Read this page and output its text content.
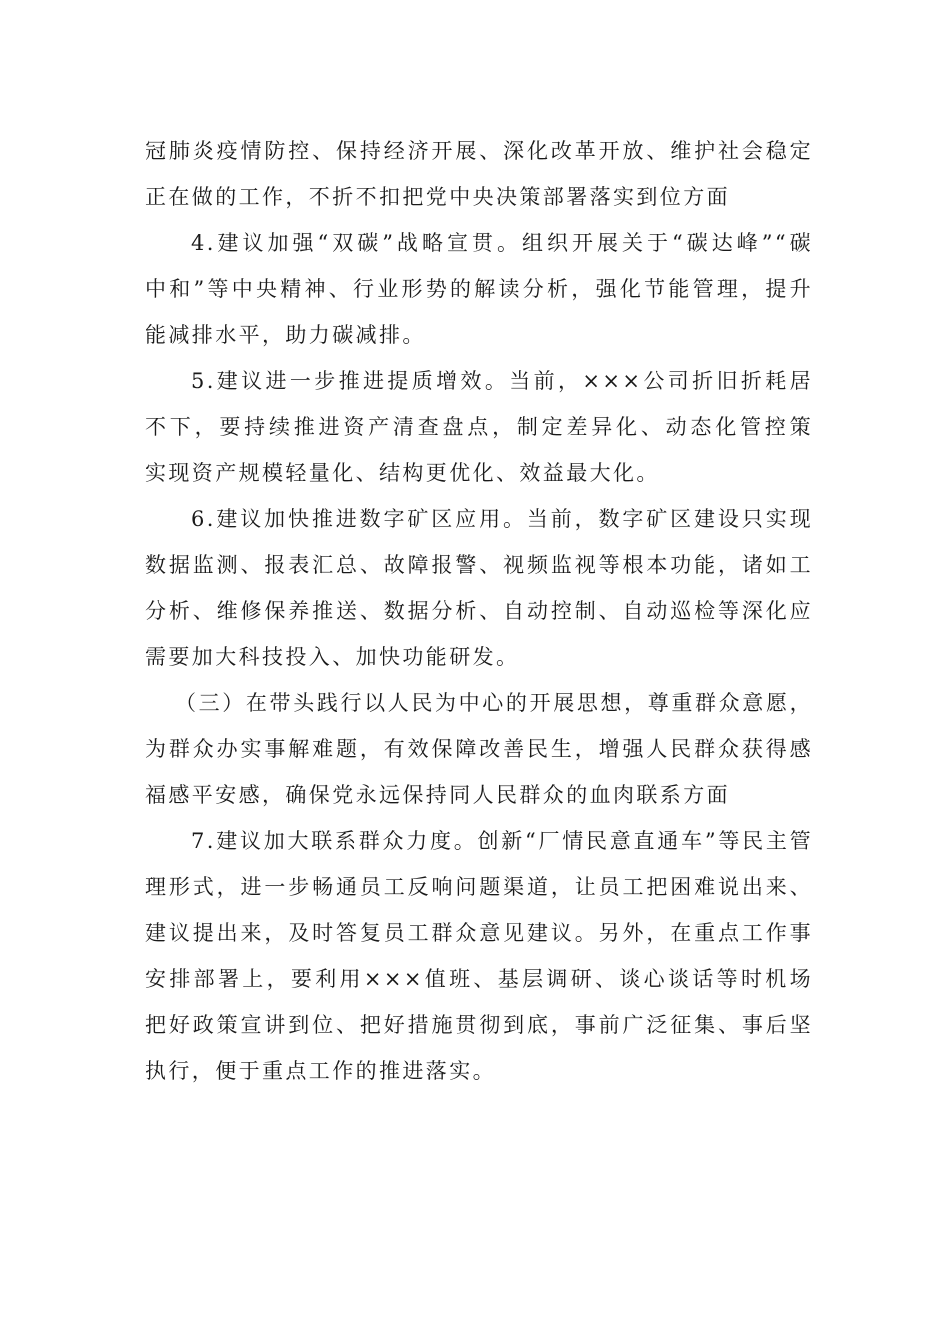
冠肺炎疫情防控、保持经济开展、深化改革开放、维护社会稳定
正在做的工作，不折不扣把党中央决策部署落实到位方面
4.建议加强“双碳”战略宣贯。组织开展关于“碳达峰”“碳
中和”等中央精神、行业形势的解读分析，强化节能管理，提升
能减排水平，助力碳减排。
5.建议进一步推进提质增效。当前，×××公司折旧折耗居
不下，要持续推进资产清查盘点，制定差异化、动态化管控策
实现资产规模轻量化、结构更优化、效益最大化。
6.建议加快推进数字矿区应用。当前，数字矿区建设只实现
数据监测、报表汇总、故障报警、视频监视等根本功能，诸如工
分析、维修保养推送、数据分析、自动控制、自动巡检等深化应
需要加大科技投入、加快功能研发。
（三）在带头践行以人民为中心的开展思想，尊重群众意愿，
为群众办实事解难题，有效保障改善民生，增强人民群众获得感
福感平安感，确保党永远保持同人民群众的血肉联系方面
7.建议加大联系群众力度。创新“厂情民意直通车”等民主管
理形式，进一步畅通员工反响问题渠道，让员工把困难说出来、
建议提出来，及时答复员工群众意见建议。另外，在重点工作事
安排部署上，要利用×××值班、基层调研、谈心谈话等时机场
把好政策宣讲到位、把好措施贯彻到底，事前广泛征集、事后坚
执行，便于重点工作的推进落实。
